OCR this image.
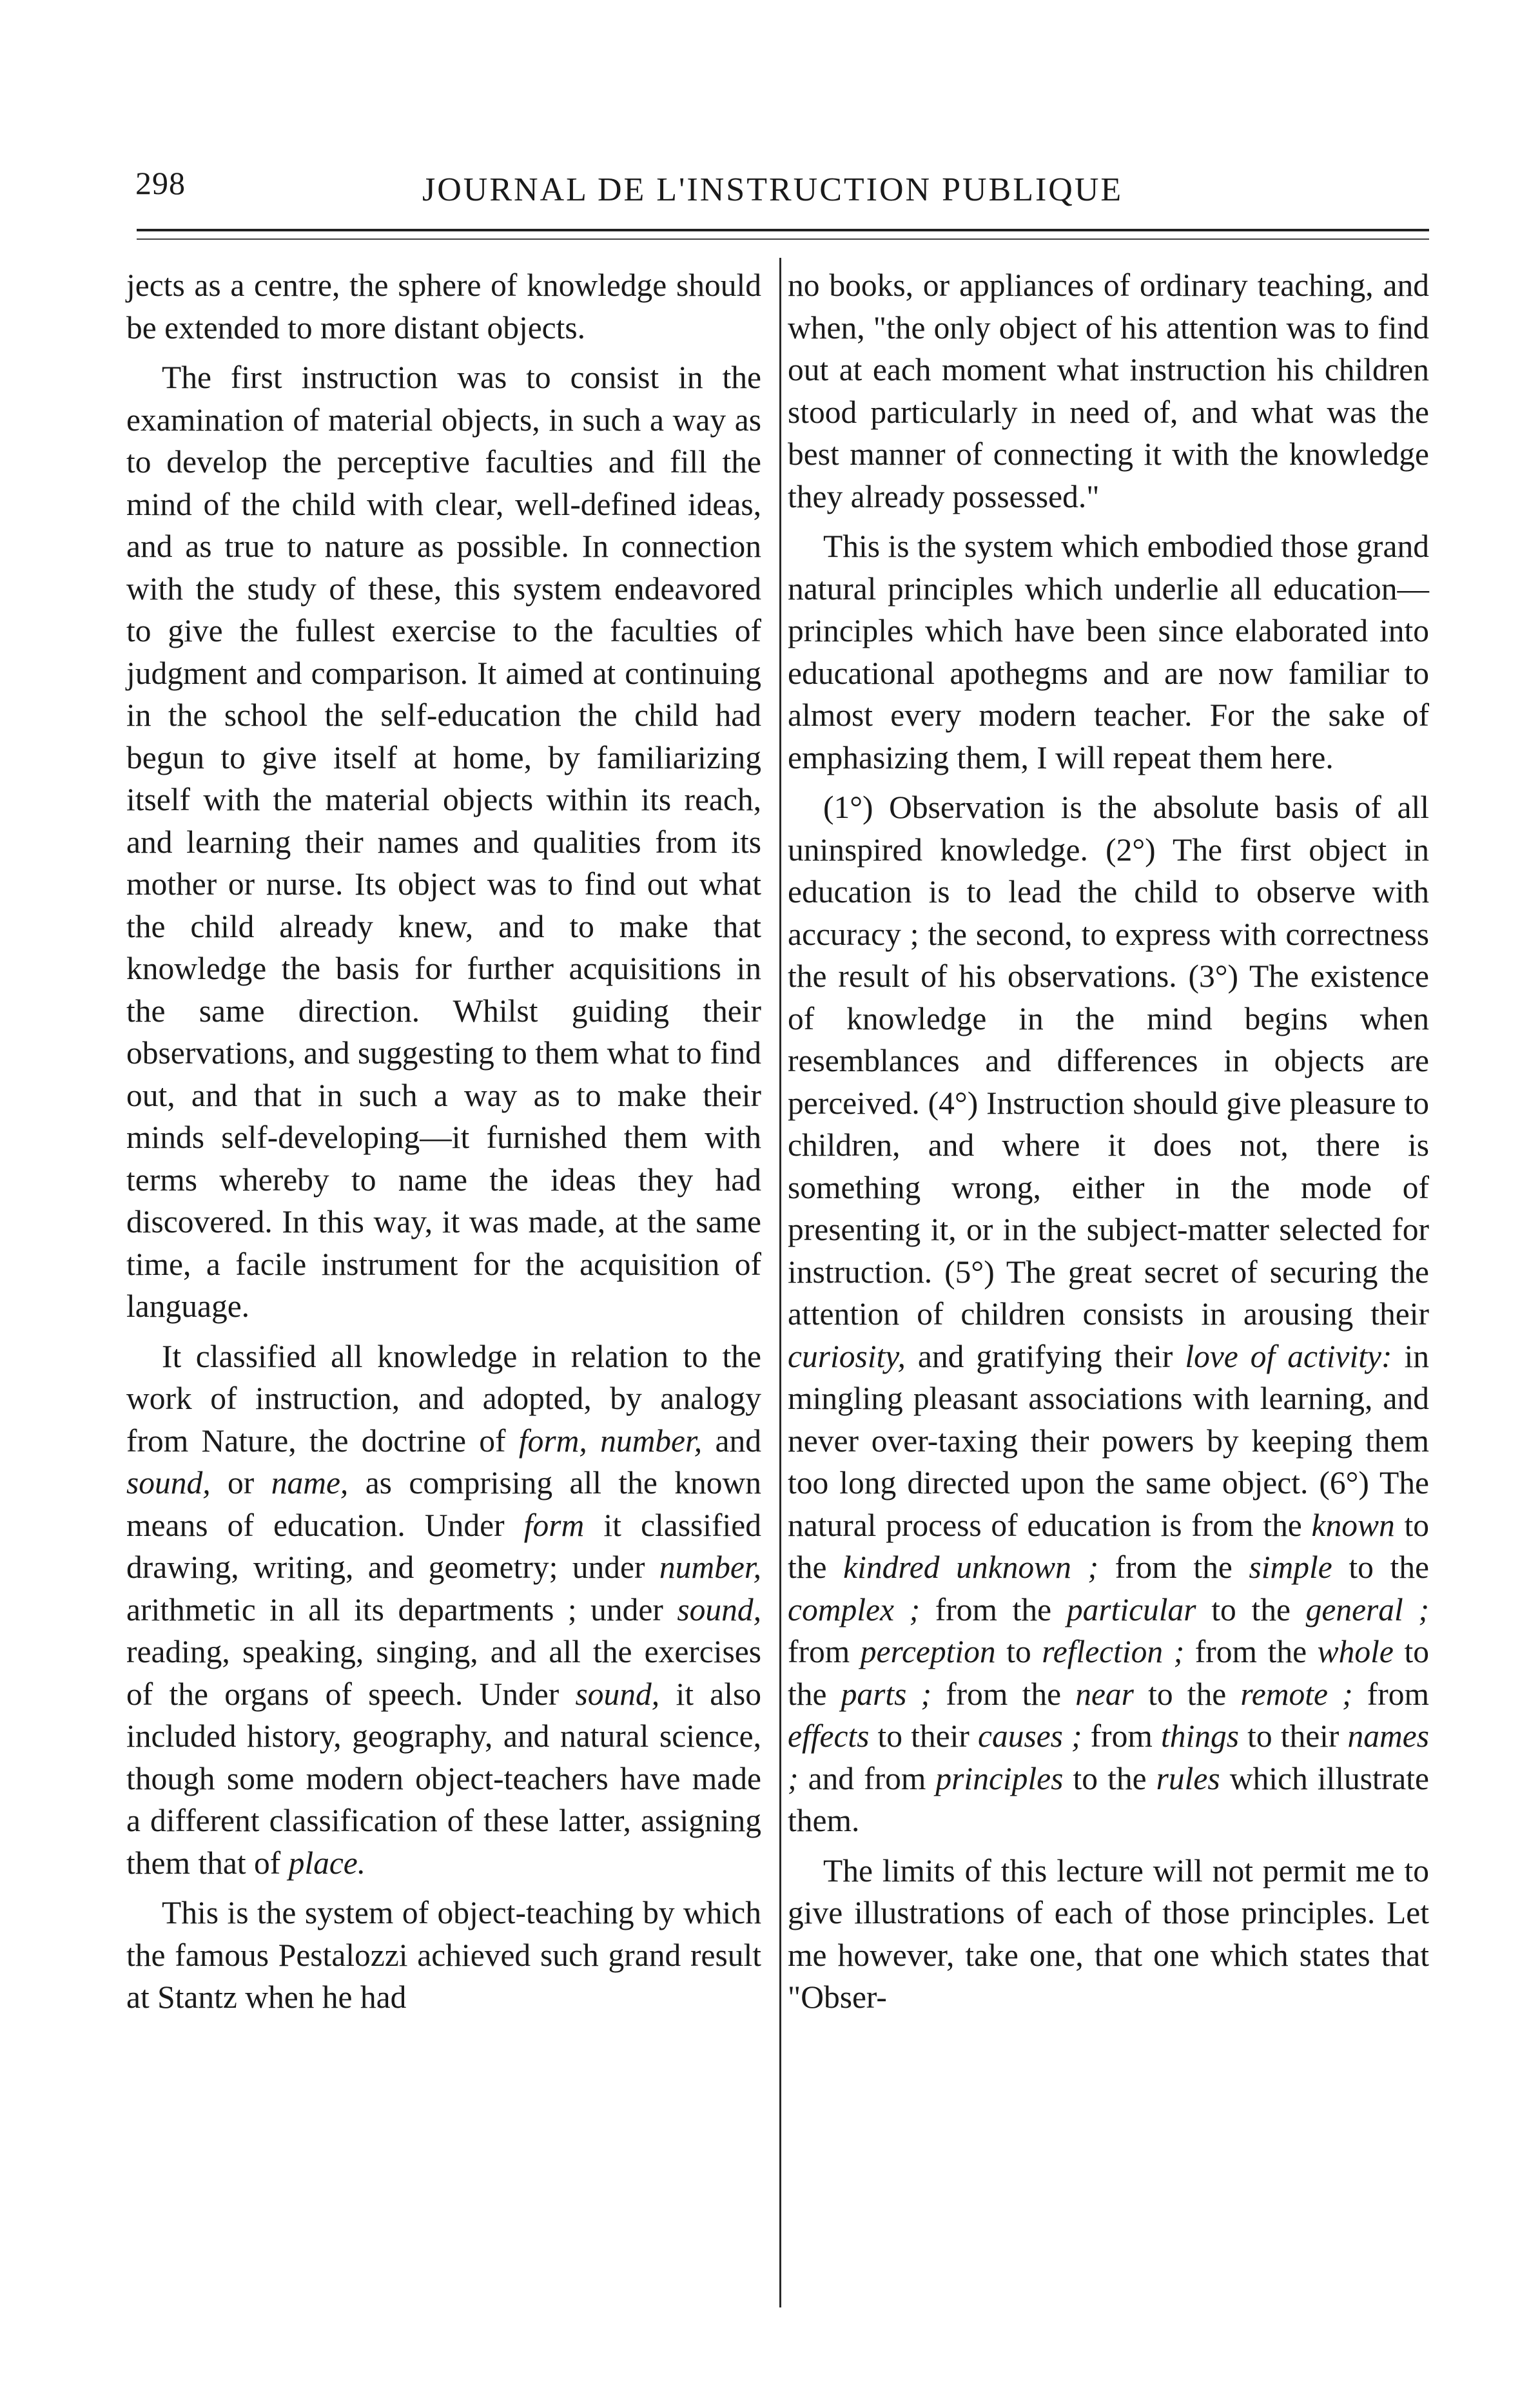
298	JOURNAL DE L'INSTRUCTION PUBLIQUE

jects as a centre, the sphere of knowledge should be extended to more distant objects.

The first instruction was to consist in the examination of material objects, in such a way as to develop the perceptive faculties and fill the mind of the child with clear, well-defined ideas, and as true to nature as possible. In connection with the study of these, this system endeavored to give the fullest exercise to the faculties of judgment and comparison. It aimed at continuing in the school the self-education the child had begun to give itself at home, by familiarizing itself with the material objects within its reach, and learning their names and qualities from its mother or nurse. Its object was to find out what the child already knew, and to make that knowledge the basis for further acquisitions in the same direction. Whilst guiding their observations, and suggesting to them what to find out, and that in such a way as to make their minds self-developing—it furnished them with terms whereby to name the ideas they had discovered. In this way, it was made, at the same time, a facile instrument for the acquisition of language.

It classified all knowledge in relation to the work of instruction, and adopted, by analogy from Nature, the doctrine of form, number, and sound, or name, as comprising all the known means of education. Under form it classified drawing, writing, and geometry; under number, arithmetic in all its departments ; under sound, reading, speaking, singing, and all the exercises of the organs of speech. Under sound, it also included history, geography, and natural science, though some modern object-teachers have made a different classification of these latter, assigning them that of place.

This is the system of object-teaching by which the famous Pestalozzi achieved such grand result at Stantz when he had

no books, or appliances of ordinary teaching, and when, "the only object of his attention was to find out at each moment what instruction his children stood particularly in need of, and what was the best manner of connecting it with the knowledge they already possessed."

This is the system which embodied those grand natural principles which underlie all education—principles which have been since elaborated into educational apothegms and are now familiar to almost every modern teacher. For the sake of emphasizing them, I will repeat them here.

(1°) Observation is the absolute basis of all uninspired knowledge. (2°) The first object in education is to lead the child to observe with accuracy ; the second, to express with correctness the result of his observations. (3°) The existence of knowledge in the mind begins when resemblances and differences in objects are perceived. (4°) Instruction should give pleasure to children, and where it does not, there is something wrong, either in the mode of presenting it, or in the subject-matter selected for instruction. (5°) The great secret of securing the attention of children consists in arousing their curiosity, and gratifying their love of activity: in mingling pleasant associations with learning, and never over-taxing their powers by keeping them too long directed upon the same object. (6°) The natural process of education is from the known to the kindred unknown ; from the simple to the complex ; from the particular to the general ; from perception to reflection ; from the whole to the parts ; from the near to the remote ; from effects to their causes ; from things to their names ; and from principles to the rules which illustrate them.

The limits of this lecture will not permit me to give illustrations of each of those principles. Let me however, take one, that one which states that "Obser-
